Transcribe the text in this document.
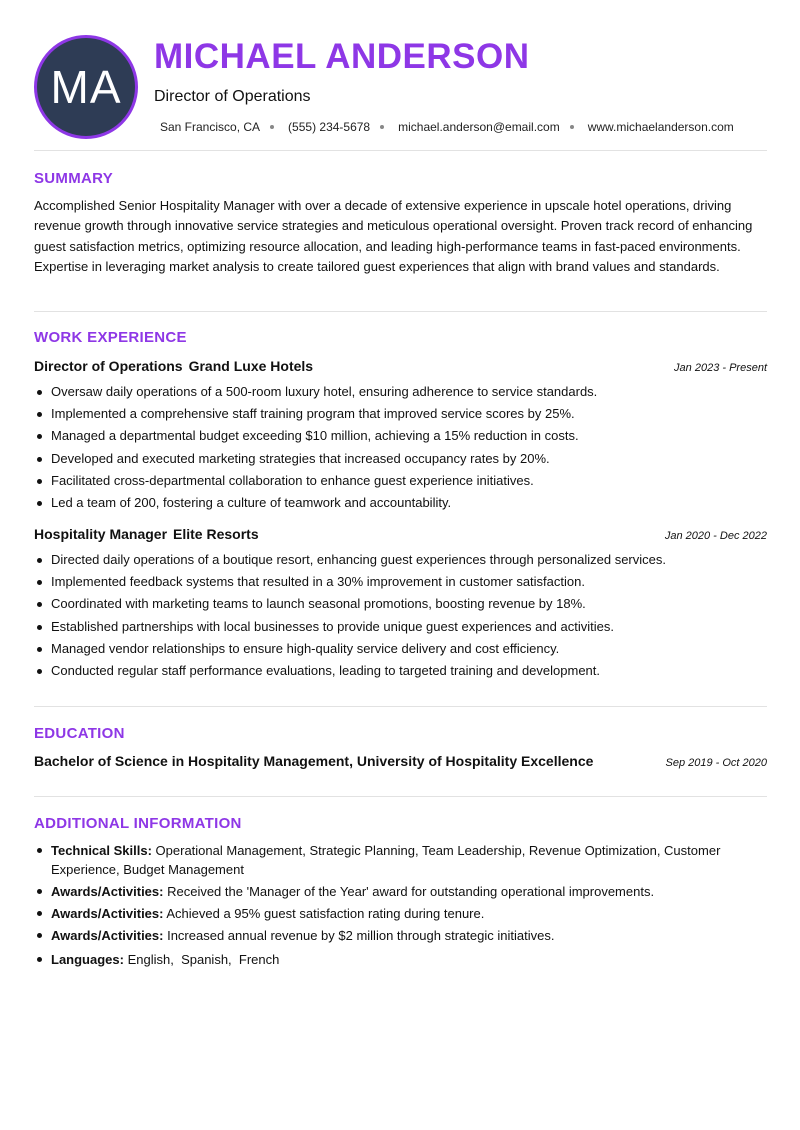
MA
MICHAEL ANDERSON
Director of Operations
San Francisco, CA (555) 234-5678 michael.anderson@email.com www.michaelanderson.com
SUMMARY

Accomplished Senior Hospitality Manager with over a decade of extensive experience in upscale hotel operations, driving revenue growth through innovative service strategies and meticulous operational oversight. Proven track record of enhancing guest satisfaction metrics, optimizing resource allocation, and leading high-performance teams in fast-paced environments. Expertise in leveraging market analysis to create tailored guest experiences that align with brand values and standards.

WORK EXPERIENCE
Director of Operations Grand Luxe Hotels	Jan 2023 - Present
Oversaw daily operations of a 500-room luxury hotel, ensuring adherence to service standards.
Implemented a comprehensive staff training program that improved service scores by 25%.
Managed a departmental budget exceeding $10 million, achieving a 15% reduction in costs.
Developed and executed marketing strategies that increased occupancy rates by 20%.
Facilitated cross-departmental collaboration to enhance guest experience initiatives.
Led a team of 200, fostering a culture of teamwork and accountability.
Hospitality Manager Elite Resorts	Jan 2020 - Dec 2022
Directed daily operations of a boutique resort, enhancing guest experiences through personalized services.
Implemented feedback systems that resulted in a 30% improvement in customer satisfaction.
Coordinated with marketing teams to launch seasonal promotions, boosting revenue by 18%.
Established partnerships with local businesses to provide unique guest experiences and activities.
Managed vendor relationships to ensure high-quality service delivery and cost efficiency.
Conducted regular staff performance evaluations, leading to targeted training and development.
EDUCATION
Bachelor of Science in Hospitality Management, University of Hospitality Excellence	Sep 2019 - Oct 2020
ADDITIONAL INFORMATION
Technical Skills: Operational Management, Strategic Planning, Team Leadership, Revenue Optimization, Customer Experience, Budget Management
Awards/Activities: Received the 'Manager of the Year' award for outstanding operational improvements.
Awards/Activities: Achieved a 95% guest satisfaction rating during tenure.
Awards/Activities: Increased annual revenue by $2 million through strategic initiatives.
Languages: English,  Spanish,  French
